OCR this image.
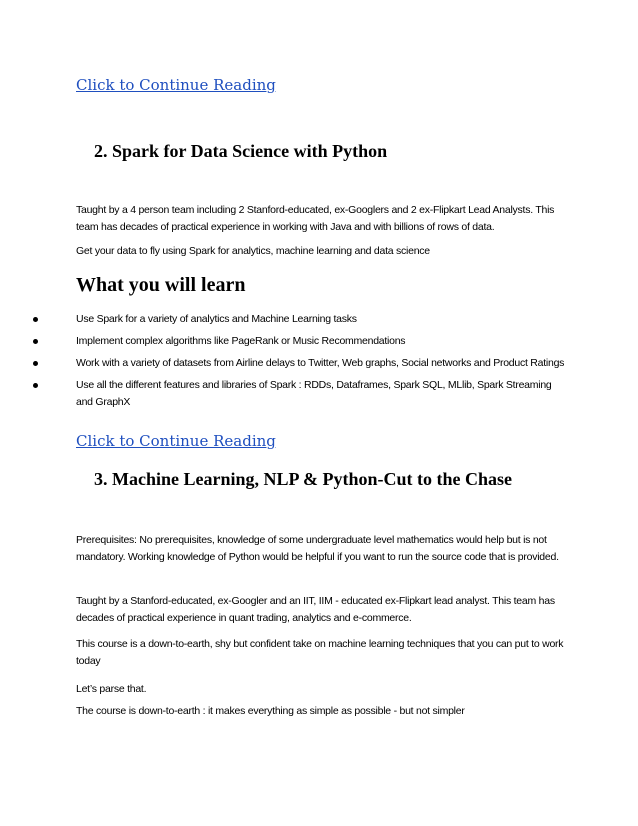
Click to Continue Reading
2. Spark for Data Science with Python
Taught by a 4 person team including 2 Stanford-educated, ex-Googlers and 2 ex-Flipkart Lead Analysts. This team has decades of practical experience in working with Java and with billions of rows of data.
Get your data to fly using Spark for analytics, machine learning and data science
What you will learn
Use Spark for a variety of analytics and Machine Learning tasks
Implement complex algorithms like PageRank or Music Recommendations
Work with a variety of datasets from Airline delays to Twitter, Web graphs, Social networks and Product Ratings
Use all the different features and libraries of Spark : RDDs, Dataframes, Spark SQL, MLlib, Spark Streaming and GraphX
Click to Continue Reading
3. Machine Learning, NLP & Python-Cut to the Chase
Prerequisites: No prerequisites, knowledge of some undergraduate level mathematics would help but is not mandatory. Working knowledge of Python would be helpful if you want to run the source code that is provided.
Taught by a Stanford-educated, ex-Googler and an IIT, IIM - educated ex-Flipkart lead analyst. This team has decades of practical experience in quant trading, analytics and e-commerce.
This course is a down-to-earth, shy but confident take on machine learning techniques that you can put to work today
Let’s parse that.
The course is down-to-earth : it makes everything as simple as possible - but not simpler
